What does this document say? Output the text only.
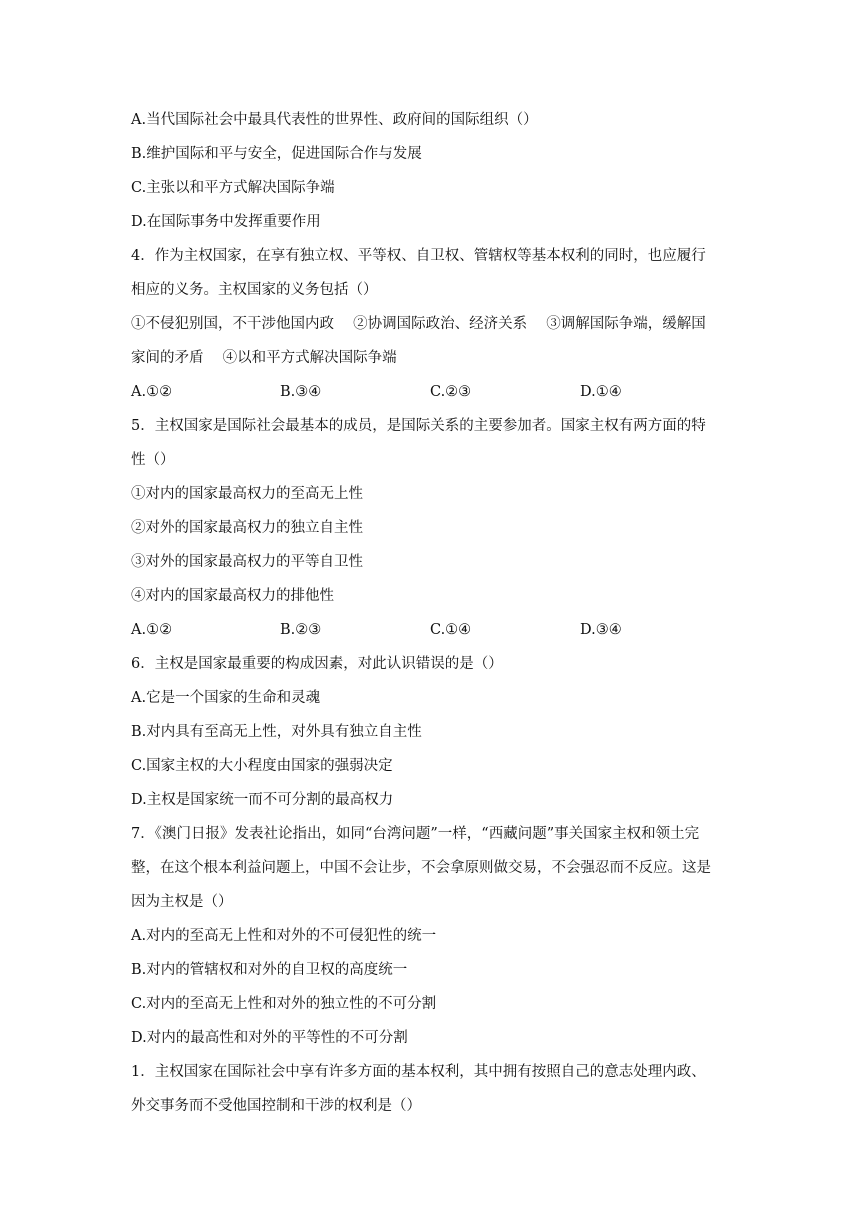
A.当代国际社会中最具代表性的世界性、政府间的国际组织（）
B.维护国际和平与安全，促进国际合作与发展
C.主张以和平方式解决国际争端
D.在国际事务中发挥重要作用
4．作为主权国家，在享有独立权、平等权、自卫权、管辖权等基本权利的同时，也应履行
相应的义务。主权国家的义务包括（）
①不侵犯别国，不干涉他国内政　 ②协调国际政治、经济关系　 ③调解国际争端，缓解国
家间的矛盾　 ④以和平方式解决国际争端
A.①②	B.③④	C.②③	D.①④
5．主权国家是国际社会最基本的成员，是国际关系的主要参加者。国家主权有两方面的特
性（）
①对内的国家最高权力的至高无上性
②对外的国家最高权力的独立自主性
③对外的国家最高权力的平等自卫性
④对内的国家最高权力的排他性
A.①②	B.②③	C.①④	D.③④
6．主权是国家最重要的构成因素，对此认识错误的是（）
A.它是一个国家的生命和灵魂
B.对内具有至高无上性，对外具有独立自主性
C.国家主权的大小程度由国家的强弱决定
D.主权是国家统一而不可分割的最高权力
7．《澳门日报》发表社论指出，如同“台湾问题”一样，“西藏问题”事关国家主权和领土完
整，在这个根本利益问题上，中国不会让步，不会拿原则做交易，不会强忍而不反应。这是
因为主权是（）
A.对内的至高无上性和对外的不可侵犯性的统一
B.对内的管辖权和对外的自卫权的高度统一
C.对内的至高无上性和对外的独立性的不可分割
D.对内的最高性和对外的平等性的不可分割
1．主权国家在国际社会中享有许多方面的基本权利，其中拥有按照自己的意志处理内政、
外交事务而不受他国控制和干涉的权利是（）
